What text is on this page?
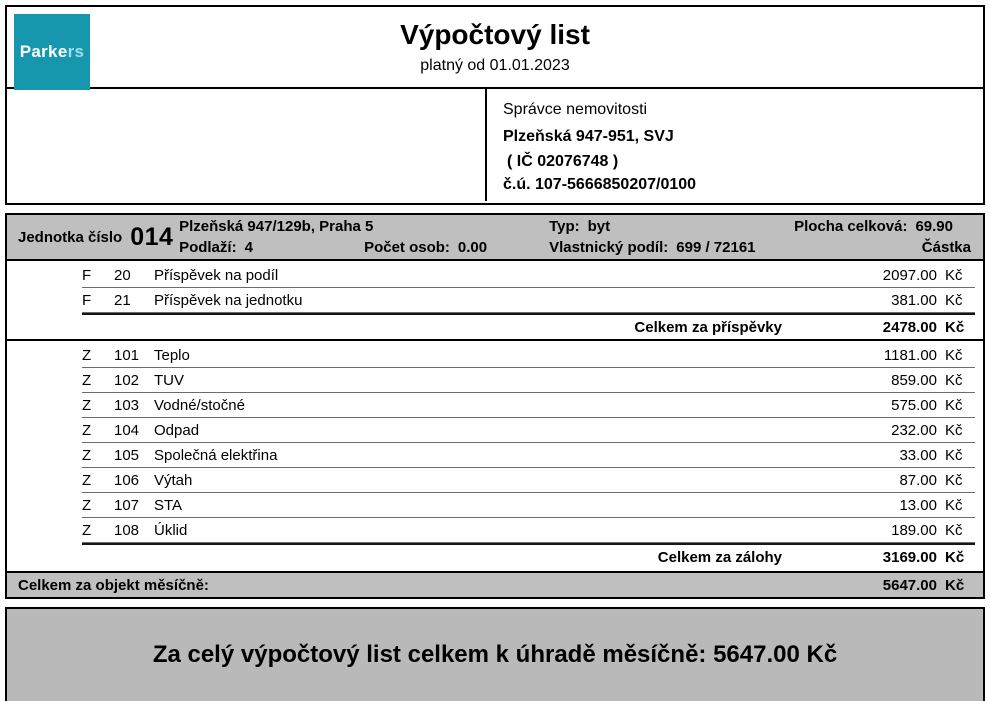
Parke rs
Výpočtový list
platný od 01.01.2023
Správce nemovitosti
Plzeňská 947-951, SVJ
( IČ 02076748 )
č.ú. 107-5666850207/0100
Jednotka číslo 014 Plzeňská 947/129b, Praha 5	Typ: byt	Plocha celková: 69.90
Podlaží: 4	Počet osob: 0.00	Vlastnický podíl: 699 / 72161	Částka
F	20	Příspěvek na podíl	2097.00 Kč
F	21	Příspěvek na jednotku	381.00 Kč
Celkem za příspěvky	2478.00 Kč
Z	101 Teplo	1181.00 Kč
Z	102 TUV	859.00 Kč
Z	103 Vodné/stočné	575.00 Kč
Z	104 Odpad	232.00 Kč
Z	105 Společná elektřina	33.00 Kč
Z	106 Výtah	87.00 Kč
Z	107 STA	13.00 Kč
Z	108 Úklid	189.00 Kč
Celkem za zálohy	3169.00 Kč
Celkem za objekt měsíčně:	5647.00 Kč
Za celý výpočtový list celkem k úhradě měsíčně: 5647.00 Kč
